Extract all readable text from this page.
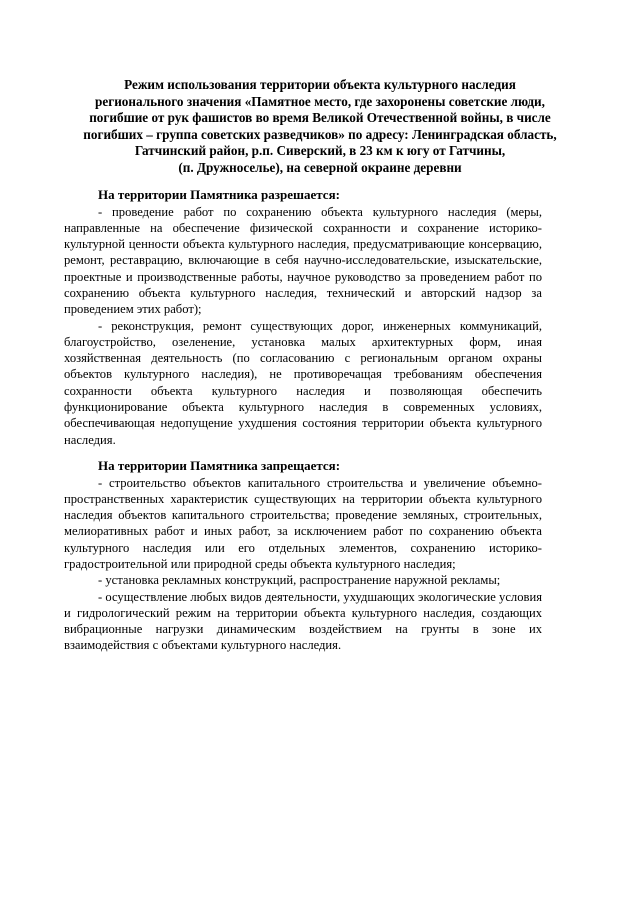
Режим использования территории объекта культурного наследия
регионального значения «Памятное место, где захоронены советские люди,
погибшие от рук фашистов во время Великой Отечественной войны, в числе
погибших – группа советских разведчиков» по адресу: Ленинградская область,
Гатчинский район, р.п. Сиверский, в 23 км к югу от Гатчины,
(п. Дружноселье), на северной окраине деревни
На территории Памятника разрешается:

- проведение работ по сохранению объекта культурного наследия (меры, направленные на обеспечение физической сохранности и сохранение историко-культурной ценности объекта культурного наследия, предусматривающие консервацию, ремонт, реставрацию, включающие в себя научно-исследовательские, изыскательские, проектные и производственные работы, научное руководство за проведением работ по сохранению объекта культурного наследия, технический и авторский надзор за проведением этих работ);

- реконструкция, ремонт существующих дорог, инженерных коммуникаций, благоустройство, озеленение, установка малых архитектурных форм, иная хозяйственная деятельность (по согласованию с региональным органом охраны объектов культурного наследия), не противоречащая требованиям обеспечения сохранности объекта культурного наследия и позволяющая обеспечить функционирование объекта культурного наследия в современных условиях, обеспечивающая недопущение ухудшения состояния территории объекта культурного наследия.

На территории Памятника запрещается:

- строительство объектов капитального строительства и увеличение объемно-пространственных характеристик существующих на территории объекта культурного наследия объектов капитального строительства; проведение земляных, строительных, мелиоративных работ и иных работ, за исключением работ по сохранению объекта культурного наследия или его отдельных элементов, сохранению историко-градостроительной или природной среды объекта культурного наследия;

- установка рекламных конструкций, распространение наружной рекламы;

- осуществление любых видов деятельности, ухудшающих экологические условия и гидрологический режим на территории объекта культурного наследия, создающих вибрационные нагрузки динамическим воздействием на грунты в зоне их взаимодействия с объектами культурного наследия.
